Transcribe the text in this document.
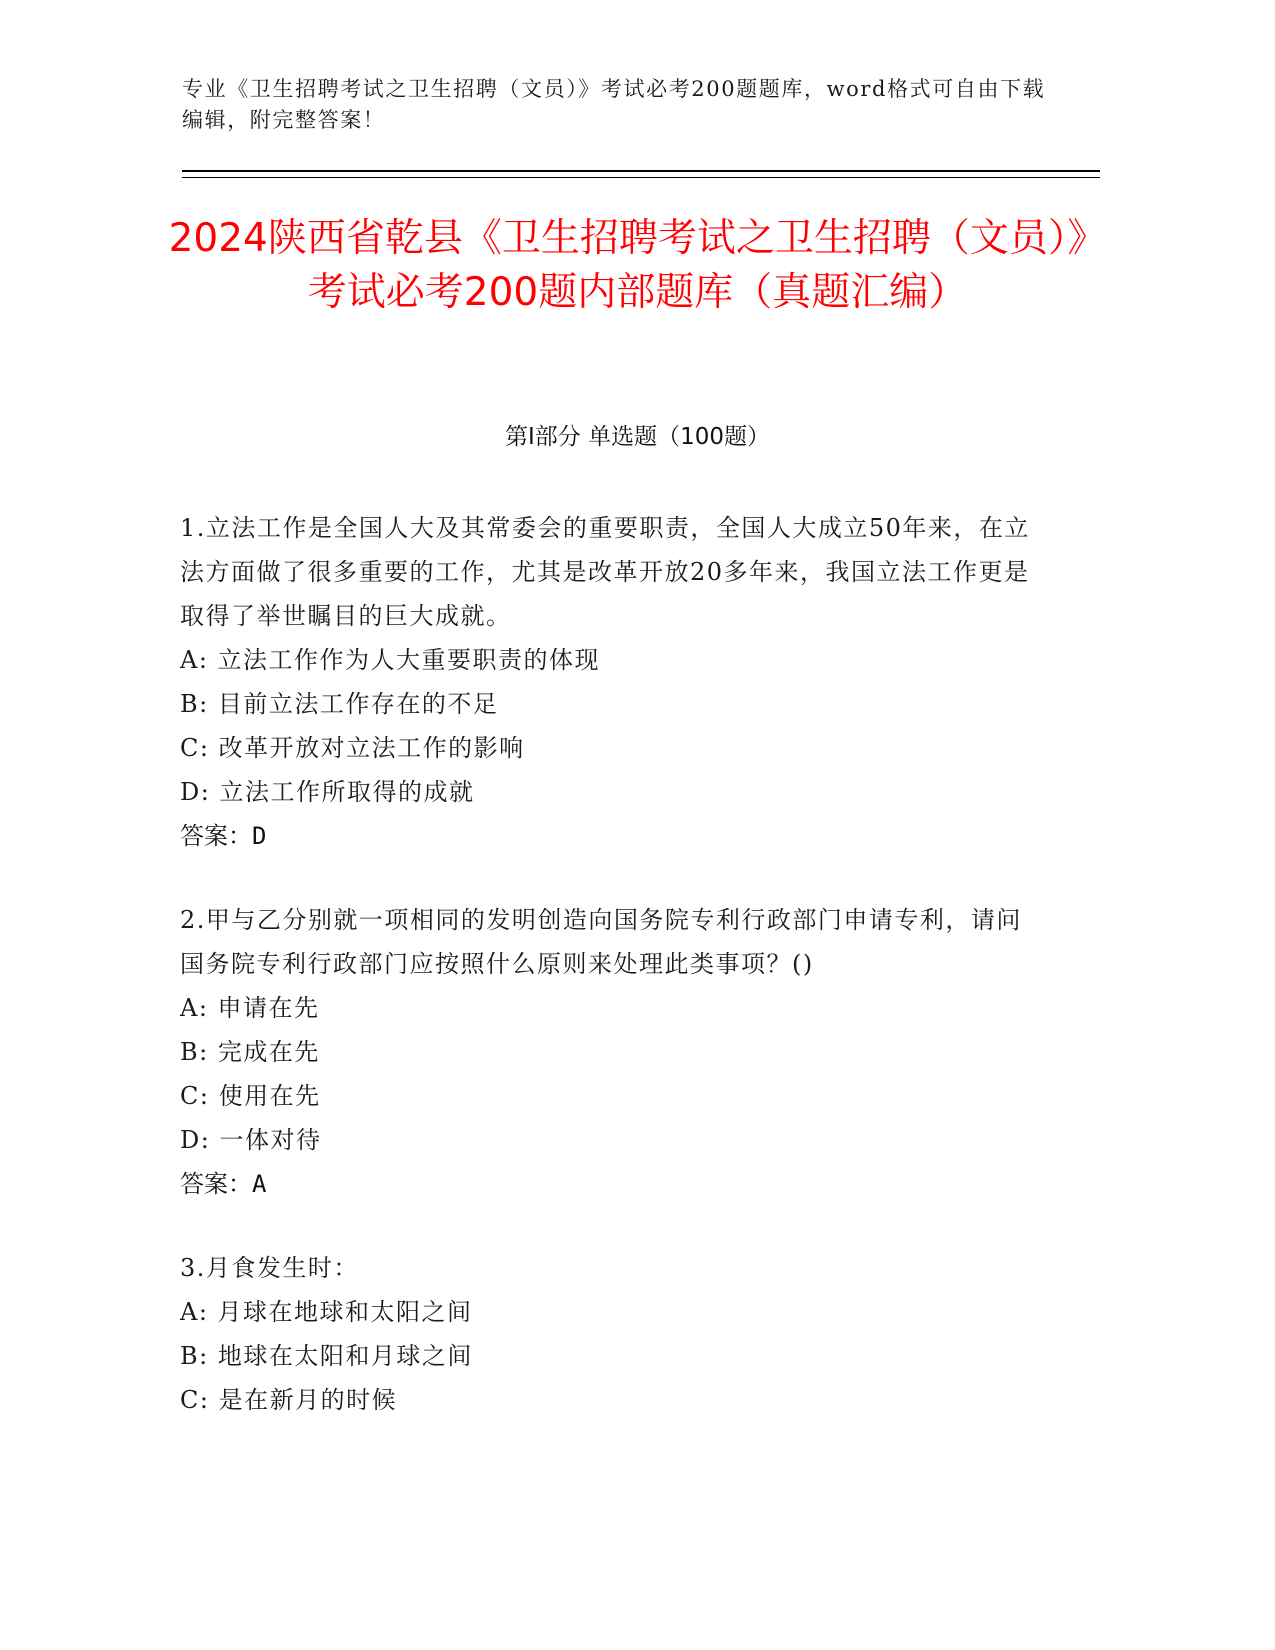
专业《卫生招聘考试之卫生招聘（文员）》考试必考200题题库，word格式可自由下载编辑，附完整答案！
2024陕西省乾县《卫生招聘考试之卫生招聘（文员）》考试必考200题内部题库（真题汇编）
第Ⅰ部分 单选题（100题）

1.立法工作是全国人大及其常委会的重要职责，全国人大成立50年来，在立法方面做了很多重要的工作，尤其是改革开放20多年来，我国立法工作更是取得了举世瞩目的巨大成就。

A: 立法工作作为人大重要职责的体现

B: 目前立法工作存在的不足

C: 改革开放对立法工作的影响

D: 立法工作所取得的成就

答案：D

2.甲与乙分别就一项相同的发明创造向国务院专利行政部门申请专利，请问国务院专利行政部门应按照什么原则来处理此类事项？()

A: 申请在先

B: 完成在先

C: 使用在先

D: 一体对待

答案：A

3.月食发生时：

A: 月球在地球和太阳之间

B: 地球在太阳和月球之间

C: 是在新月的时候
